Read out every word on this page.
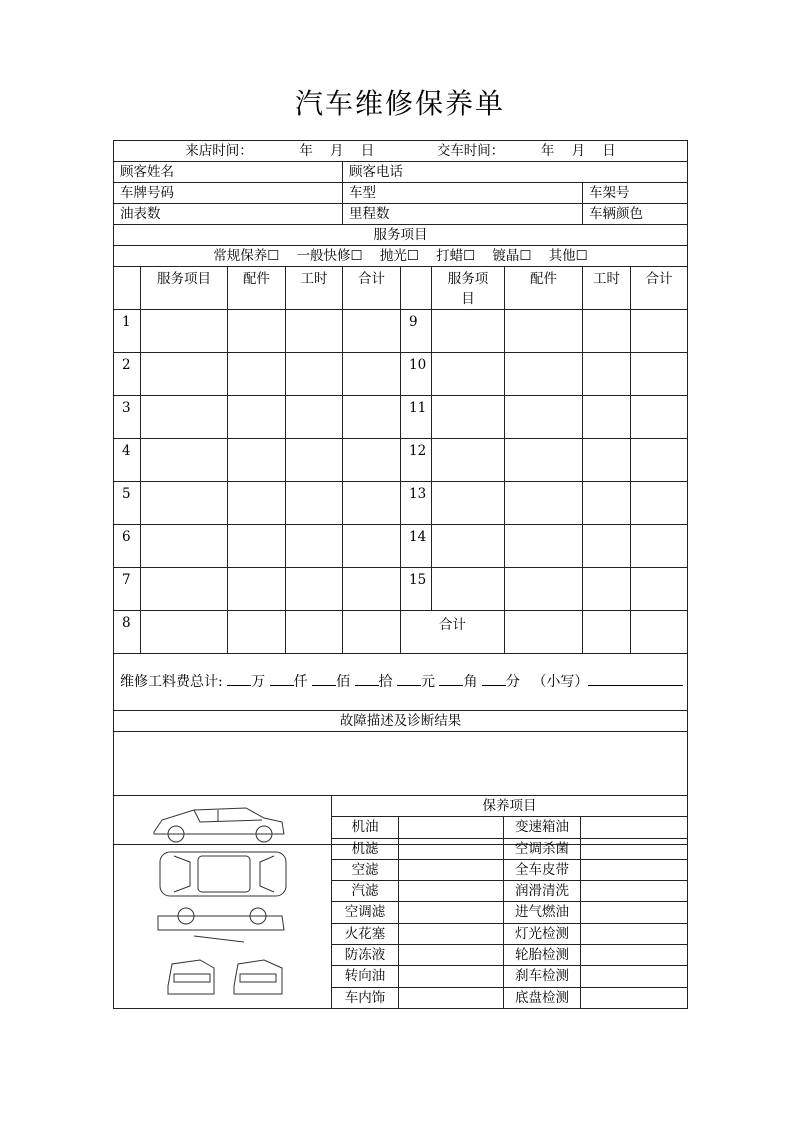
汽车维修保养单
来店时间： 年    月    日 交车时间： 年    月    日									
顾客姓名				顾客电话					
车牌号码				车型				车架号	
油表数				里程数				车辆颜色	
服务项目									
常规保养☐    一般快修☐    抛光☐    打蜡☐    镀晶☐    其他☐									
	服务项目	配件	工时	合计		服务项目	配件	工时	合计
1					9				
2					10				
3					11				
4					12				
5					13				
6					14				
7					15				
8					合计				
维修工料费总计: 万 仟 佰 拾 元 角 分 （小写）									
故障描述及诊断结果									

	保养项目			
	机油		变速箱油	
	机滤		空调杀菌	
	空滤		全车皮带	
	汽滤		润滑清洗	
	空调滤		进气燃油	
	火花塞		灯光检测	
	防冻液		轮胎检测	
	转向油		刹车检测	
	车内饰		底盘检测	
